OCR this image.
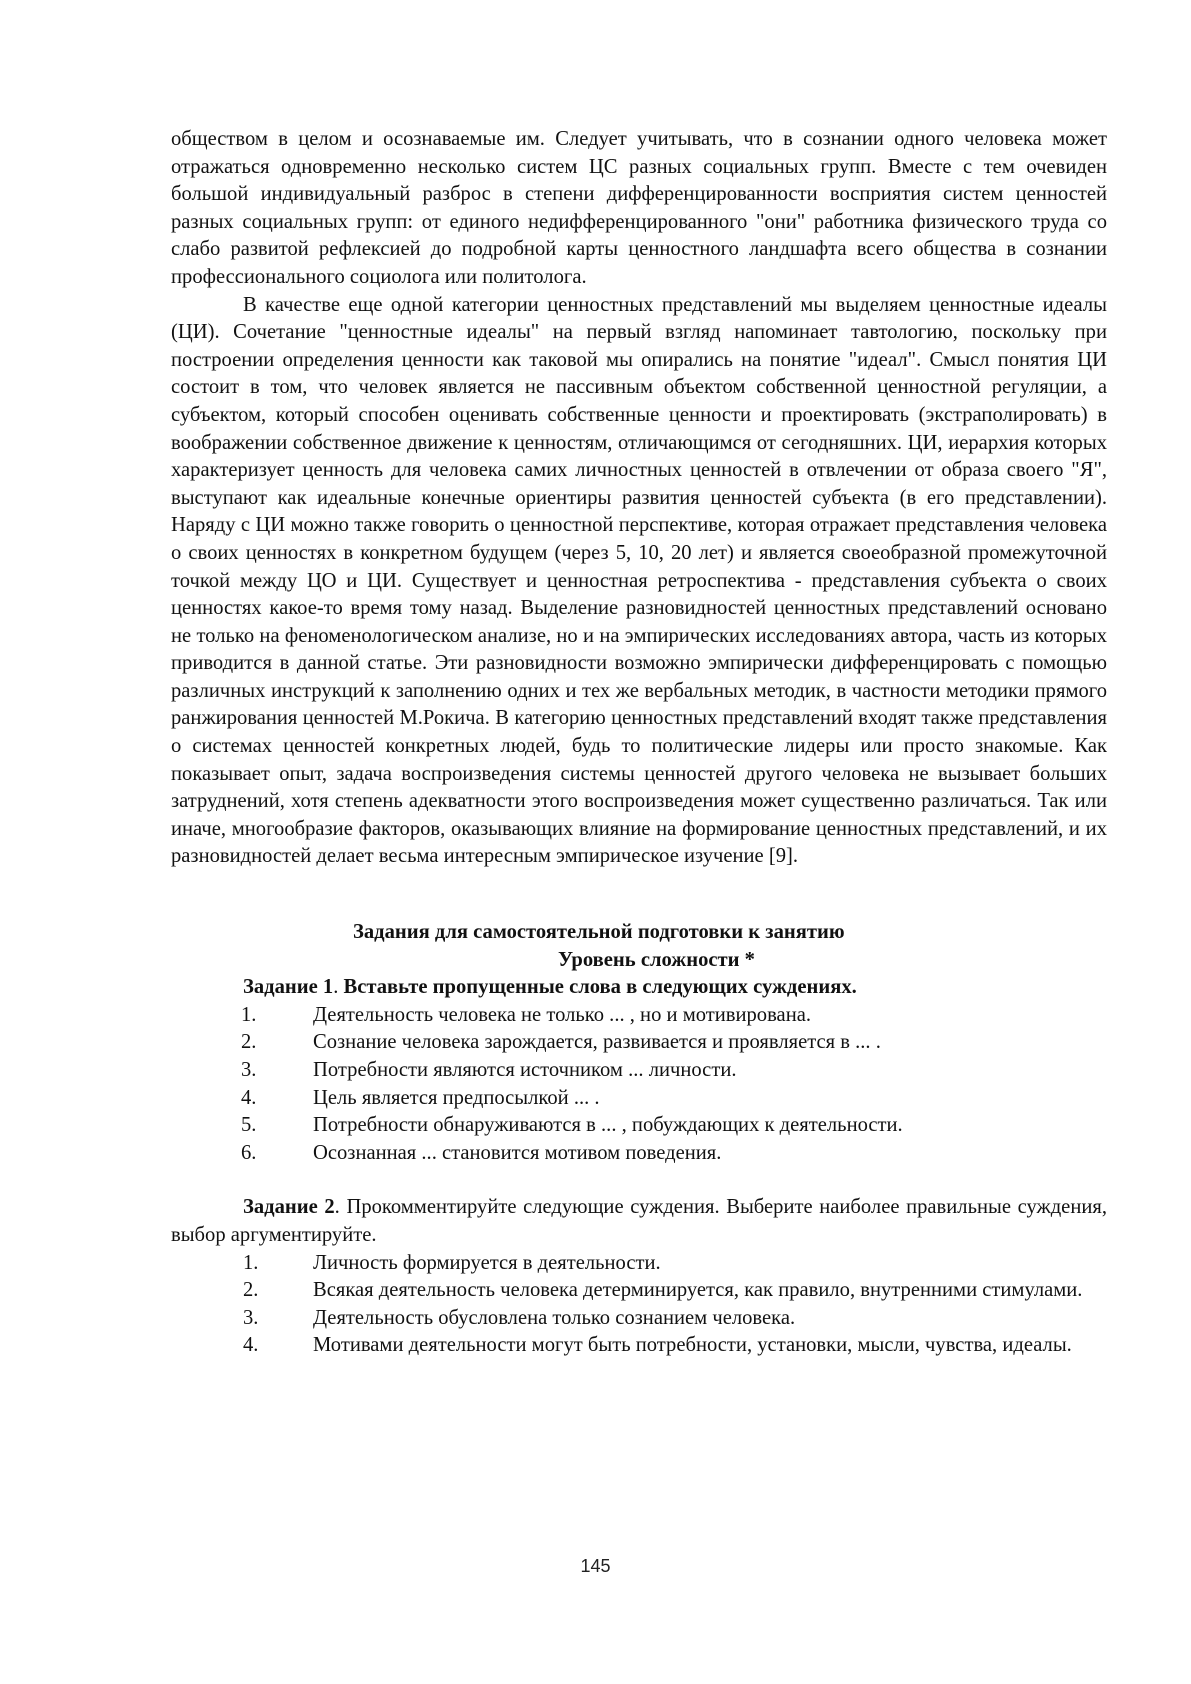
обществом в целом и осознаваемые им. Следует учитывать, что в сознании одного человека может отражаться одновременно несколько систем ЦС разных социальных групп. Вместе с тем очевиден большой индивидуальный разброс в степени дифференцированности восприятия систем ценностей разных социальных групп: от единого недифференцированного "они" работника физического труда со слабо развитой рефлексией до подробной карты ценностного ландшафта всего общества в сознании профессионального социолога или политолога.

В качестве еще одной категории ценностных представлений мы выделяем ценностные идеалы (ЦИ). Сочетание "ценностные идеалы" на первый взгляд напоминает тавтологию, поскольку при построении определения ценности как таковой мы опирались на понятие "идеал". Смысл понятия ЦИ состоит в том, что человек является не пассивным объектом собственной ценностной регуляции, а субъектом, который способен оценивать собственные ценности и проектировать (экстраполировать) в воображении собственное движение к ценностям, отличающимся от сегодняшних. ЦИ, иерархия которых характеризует ценность для человека самих личностных ценностей в отвлечении от образа своего "Я", выступают как идеальные конечные ориентиры развития ценностей субъекта (в его представлении). Наряду с ЦИ можно также говорить о ценностной перспективе, которая отражает представления человека о своих ценностях в конкретном будущем (через 5, 10, 20 лет) и является своеобразной промежуточной точкой между ЦО и ЦИ. Существует и ценностная ретроспектива - представления субъекта о своих ценностях какое-то время тому назад. Выделение разновидностей ценностных представлений основано не только на феноменологическом анализе, но и на эмпирических исследованиях автора, часть из которых приводится в данной статье. Эти разновидности возможно эмпирически дифференцировать с помощью различных инструкций к заполнению одних и тех же вербальных методик, в частности методики прямого ранжирования ценностей М.Рокича. В категорию ценностных представлений входят также представления о системах ценностей конкретных людей, будь то политические лидеры или просто знакомые. Как показывает опыт, задача воспроизведения системы ценностей другого человека не вызывает больших затруднений, хотя степень адекватности этого воспроизведения может существенно различаться. Так или иначе, многообразие факторов, оказывающих влияние на формирование ценностных представлений, и их разновидностей делает весьма интересным эмпирическое изучение [9].

Задания для самостоятельной подготовки к занятию

Уровень сложности *

Задание 1. Вставьте пропущенные слова в следующих суждениях.

1.	Деятельность человека не только ... , но и мотивирована.
2.	Сознание человека зарождается, развивается и проявляется в ... .
3.	Потребности являются источником ... личности.
4.	Цель является предпосылкой ... .
5.	Потребности обнаруживаются в ... , побуждающих к деятельности.
6.	Осознанная ... становится мотивом поведения.

Задание 2. Прокомментируйте следующие суждения. Выберите наиболее правильные суждения, выбор аргументируйте.

1.	Личность формируется в деятельности.
2.	Всякая деятельность человека детерминируется, как правило, внутренними стимулами.
3.	Деятельность обусловлена только сознанием человека.
4.	Мотивами деятельности могут быть потребности, установки, мысли, чувства, идеалы.
145
